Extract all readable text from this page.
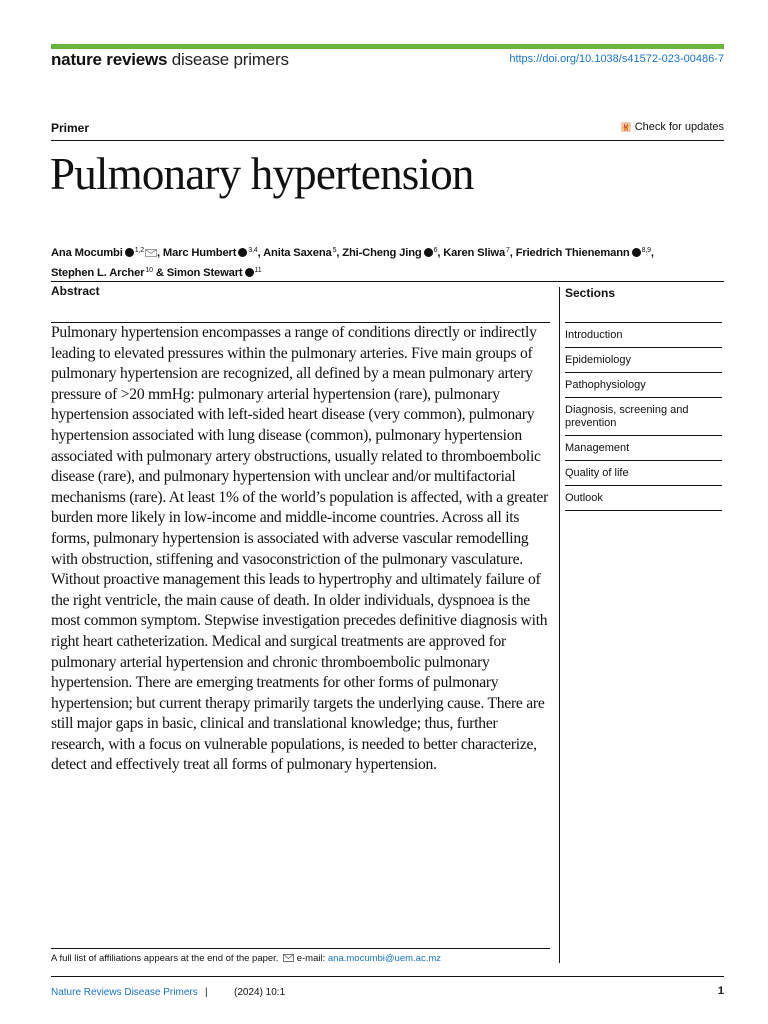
nature reviews disease primers	https://doi.org/10.1038/s41572-023-00486-7
Primer	Check for updates
Pulmonary hypertension
Ana Mocumbi $^{1,2}$ , Marc Humbert $^{3,4}$, Anita Saxena$^5$, Zhi-Cheng Jing $^6$, Karen Sliwa$^7$, Friedrich Thienemann $^{8,9}$,
Stephen L. Archer$^{10}$ & Simon Stewart $^{11}$
Abstract

Pulmonary hypertension encompasses a range of conditions directly or indirectly leading to elevated pressures within the pulmonary arteries. Five main groups of pulmonary hypertension are recognized, all defined by a mean pulmonary artery pressure of >20 mmHg: pulmonary arterial hypertension (rare), pulmonary hypertension associated with left-sided heart disease (very common), pulmonary hypertension associated with lung disease (common), pulmonary hypertension associated with pulmonary artery obstructions, usually related to thromboembolic disease (rare), and pulmonary hypertension with unclear and/or multifactorial mechanisms (rare). At least 1% of the world’s population is affected, with a greater burden more likely in low-income and middle-income countries. Across all its forms, pulmonary hypertension is associated with adverse vascular remodelling with obstruction, stiffening and vasoconstriction of the pulmonary vasculature. Without proactive management this leads to hypertrophy and ultimately failure of the right ventricle, the main cause of death. In older individuals, dyspnoea is the most common symptom. Stepwise investigation precedes definitive diagnosis with right heart catheterization. Medical and surgical treatments are approved for pulmonary arterial hypertension and chronic thromboembolic pulmonary hypertension. There are emerging treatments for other forms of pulmonary hypertension; but current therapy primarily targets the underlying cause. There are still major gaps in basic, clinical and translational knowledge; thus, further research, with a focus on vulnerable populations, is needed to better characterize, detect and effectively treat all forms of pulmonary hypertension.

Sections
Introduction
Epidemiology
Pathophysiology
Diagnosis, screening and prevention
Management
Quality of life
Outlook
A full list of affiliations appears at the end of the paper. e-mail: ana.mocumbi@uem.ac.mz
Nature Reviews Disease Primers |	(2024) 10:1	1
